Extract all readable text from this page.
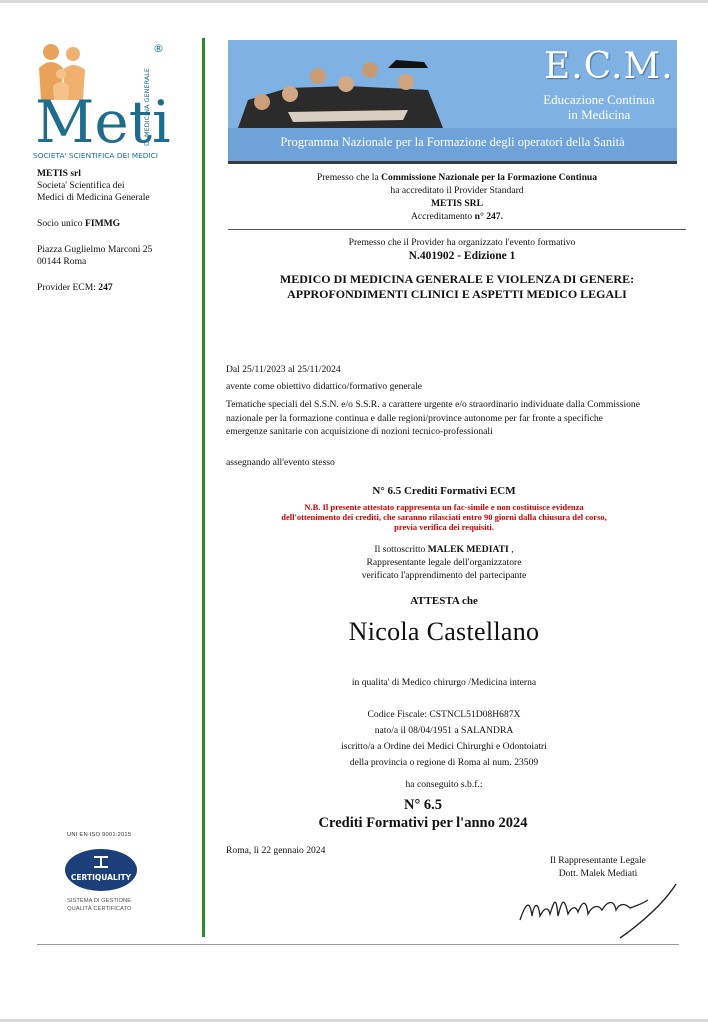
Meti
SOCIETA' SCIENTIFICA DEI MEDICI
®
DI MEDICINA GENERALE

METIS srl
Societa' Scientifica dei
Medici di Medicina Generale

Socio unico FIMMG

Piazza Guglielmo Marconi 25
00144 Roma

Provider ECM: 247

UNI EN ISO 9001:2015
CERTIQUALITY
SISTEMA DI GESTIONE
QUALITÀ CERTIFICATO
E.C.M.
Educazione Continua
in Medicina
Programma Nazionale per la Formazione degli operatori della Sanità
Premesso che la Commissione Nazionale per la Formazione Continua
ha accreditato il Provider Standard
METIS SRL
Accreditamento n° 247.
Premesso che il Provider ha organizzato l'evento formativo
N.401902 - Edizione 1
MEDICO DI MEDICINA GENERALE E VIOLENZA DI GENERE:
APPROFONDIMENTI CLINICI E ASPETTI MEDICO LEGALI
Dal 25/11/2023 al 25/11/2024
avente come obiettivo didattico/formativo generale
Tematiche speciali del S.S.N. e/o S.S.R. a carattere urgente e/o straordinario individuate dalla Commissione
nazionale per la formazione continua e dalle regioni/province autonome per far fronte a specifiche
emergenze sanitarie con acquisizione di nozioni tecnico-professionali
assegnando all'evento stesso
N° 6.5 Crediti Formativi ECM
N.B. Il presente attestato rappresenta un fac-simile e non costituisce evidenza
dell'ottenimento dei crediti, che saranno rilasciati entro 90 giorni dalla chiusura del corso,
previa verifica dei requisiti.
Il sottoscritto MALEK MEDIATI ,
Rappresentante legale dell'organizzatore
verificato l'apprendimento del partecipante
ATTESTA che
Nicola Castellano
in qualita' di Medico chirurgo /Medicina interna
Codice Fiscale: CSTNCL51D08H687X
nato/a il 08/04/1951 a SALANDRA
iscritto/a a Ordine dei Medici Chirurghi e Odontoiatri
della provincia o regione di Roma al num. 23509
ha conseguito s.b.f.:
N° 6.5
Crediti Formativi per l'anno 2024
Roma, lì 22 gennaio 2024
Il Rappresentante Legale
Dott. Malek Mediati
